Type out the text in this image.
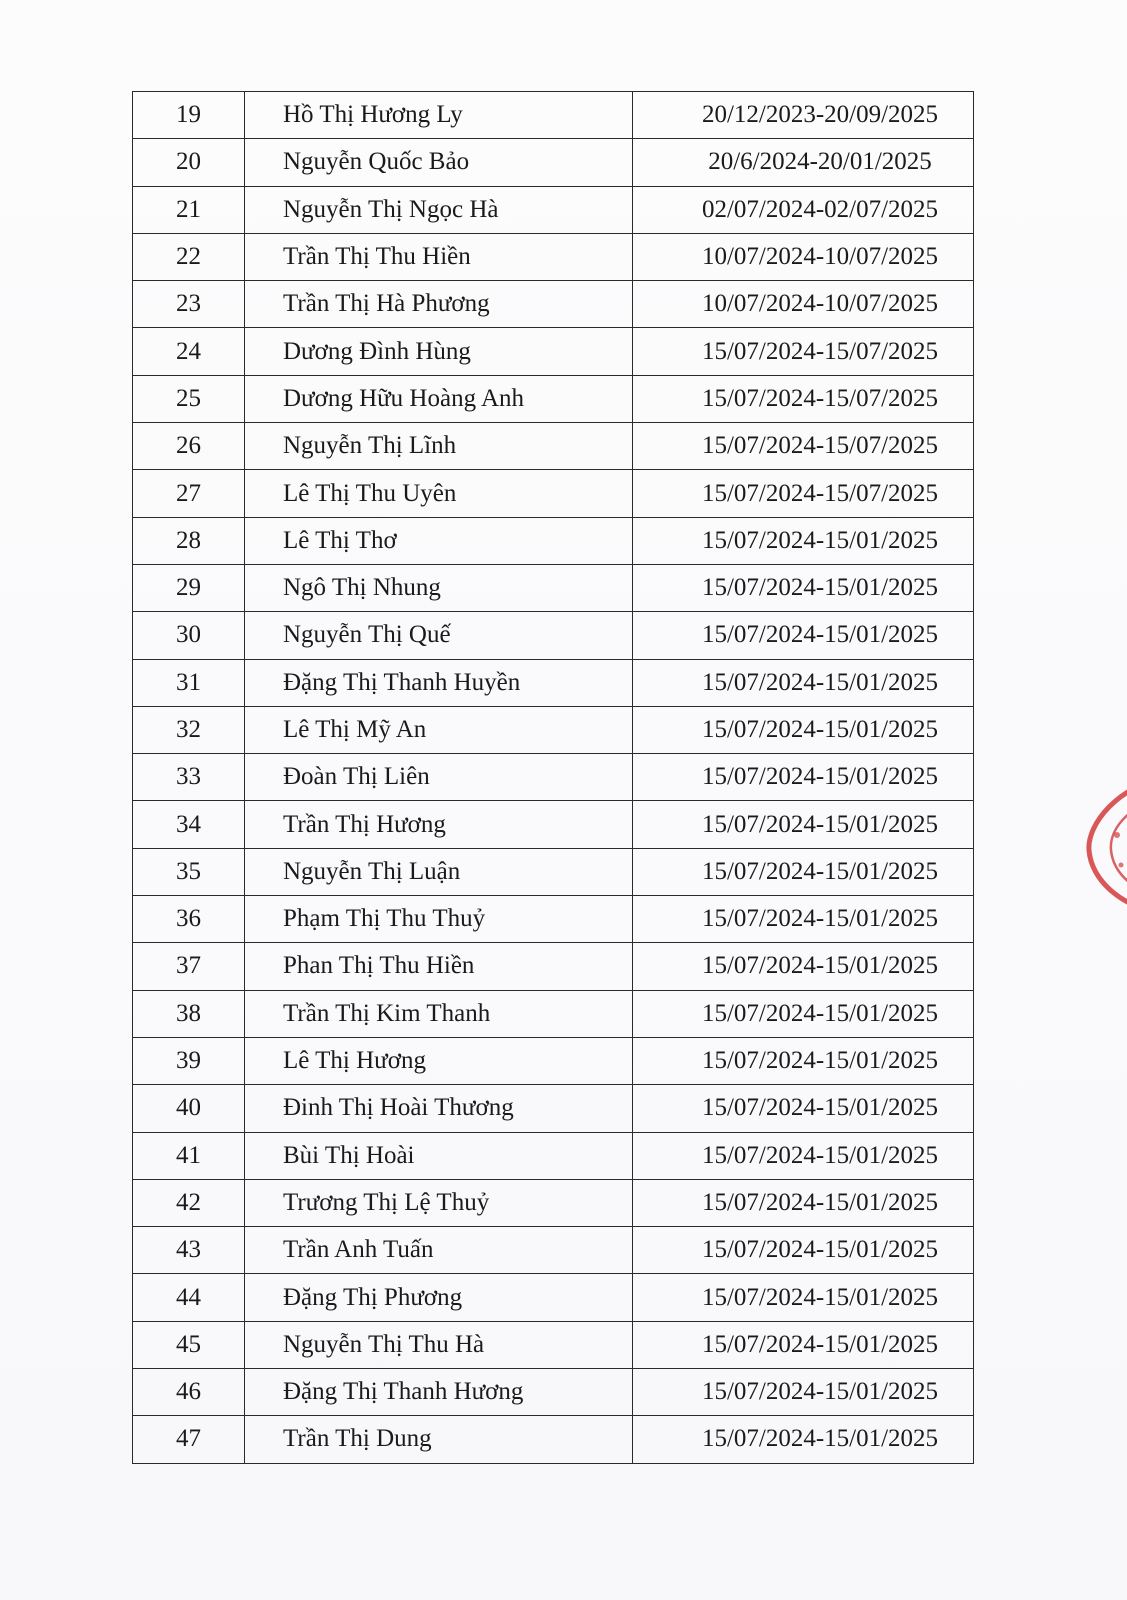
19	Hồ Thị Hương Ly	20/12/2023-20/09/2025
20	Nguyễn Quốc Bảo	20/6/2024-20/01/2025
21	Nguyễn Thị Ngọc Hà	02/07/2024-02/07/2025
22	Trần Thị Thu Hiền	10/07/2024-10/07/2025
23	Trần Thị Hà Phương	10/07/2024-10/07/2025
24	Dương Đình Hùng	15/07/2024-15/07/2025
25	Dương Hữu Hoàng Anh	15/07/2024-15/07/2025
26	Nguyễn Thị Lĩnh	15/07/2024-15/07/2025
27	Lê Thị Thu Uyên	15/07/2024-15/07/2025
28	Lê Thị Thơ	15/07/2024-15/01/2025
29	Ngô Thị Nhung	15/07/2024-15/01/2025
30	Nguyễn Thị Quế	15/07/2024-15/01/2025
31	Đặng Thị Thanh Huyền	15/07/2024-15/01/2025
32	Lê Thị Mỹ An	15/07/2024-15/01/2025
33	Đoàn Thị Liên	15/07/2024-15/01/2025
34	Trần Thị Hương	15/07/2024-15/01/2025
35	Nguyễn Thị Luận	15/07/2024-15/01/2025
36	Phạm Thị Thu Thuỷ	15/07/2024-15/01/2025
37	Phan Thị Thu Hiền	15/07/2024-15/01/2025
38	Trần Thị Kim Thanh	15/07/2024-15/01/2025
39	Lê Thị Hương	15/07/2024-15/01/2025
40	Đinh Thị Hoài Thương	15/07/2024-15/01/2025
41	Bùi Thị Hoài	15/07/2024-15/01/2025
42	Trương Thị Lệ Thuỷ	15/07/2024-15/01/2025
43	Trần Anh Tuấn	15/07/2024-15/01/2025
44	Đặng Thị Phương	15/07/2024-15/01/2025
45	Nguyễn Thị Thu Hà	15/07/2024-15/01/2025
46	Đặng Thị Thanh Hương	15/07/2024-15/01/2025
47	Trần Thị Dung	15/07/2024-15/01/2025
